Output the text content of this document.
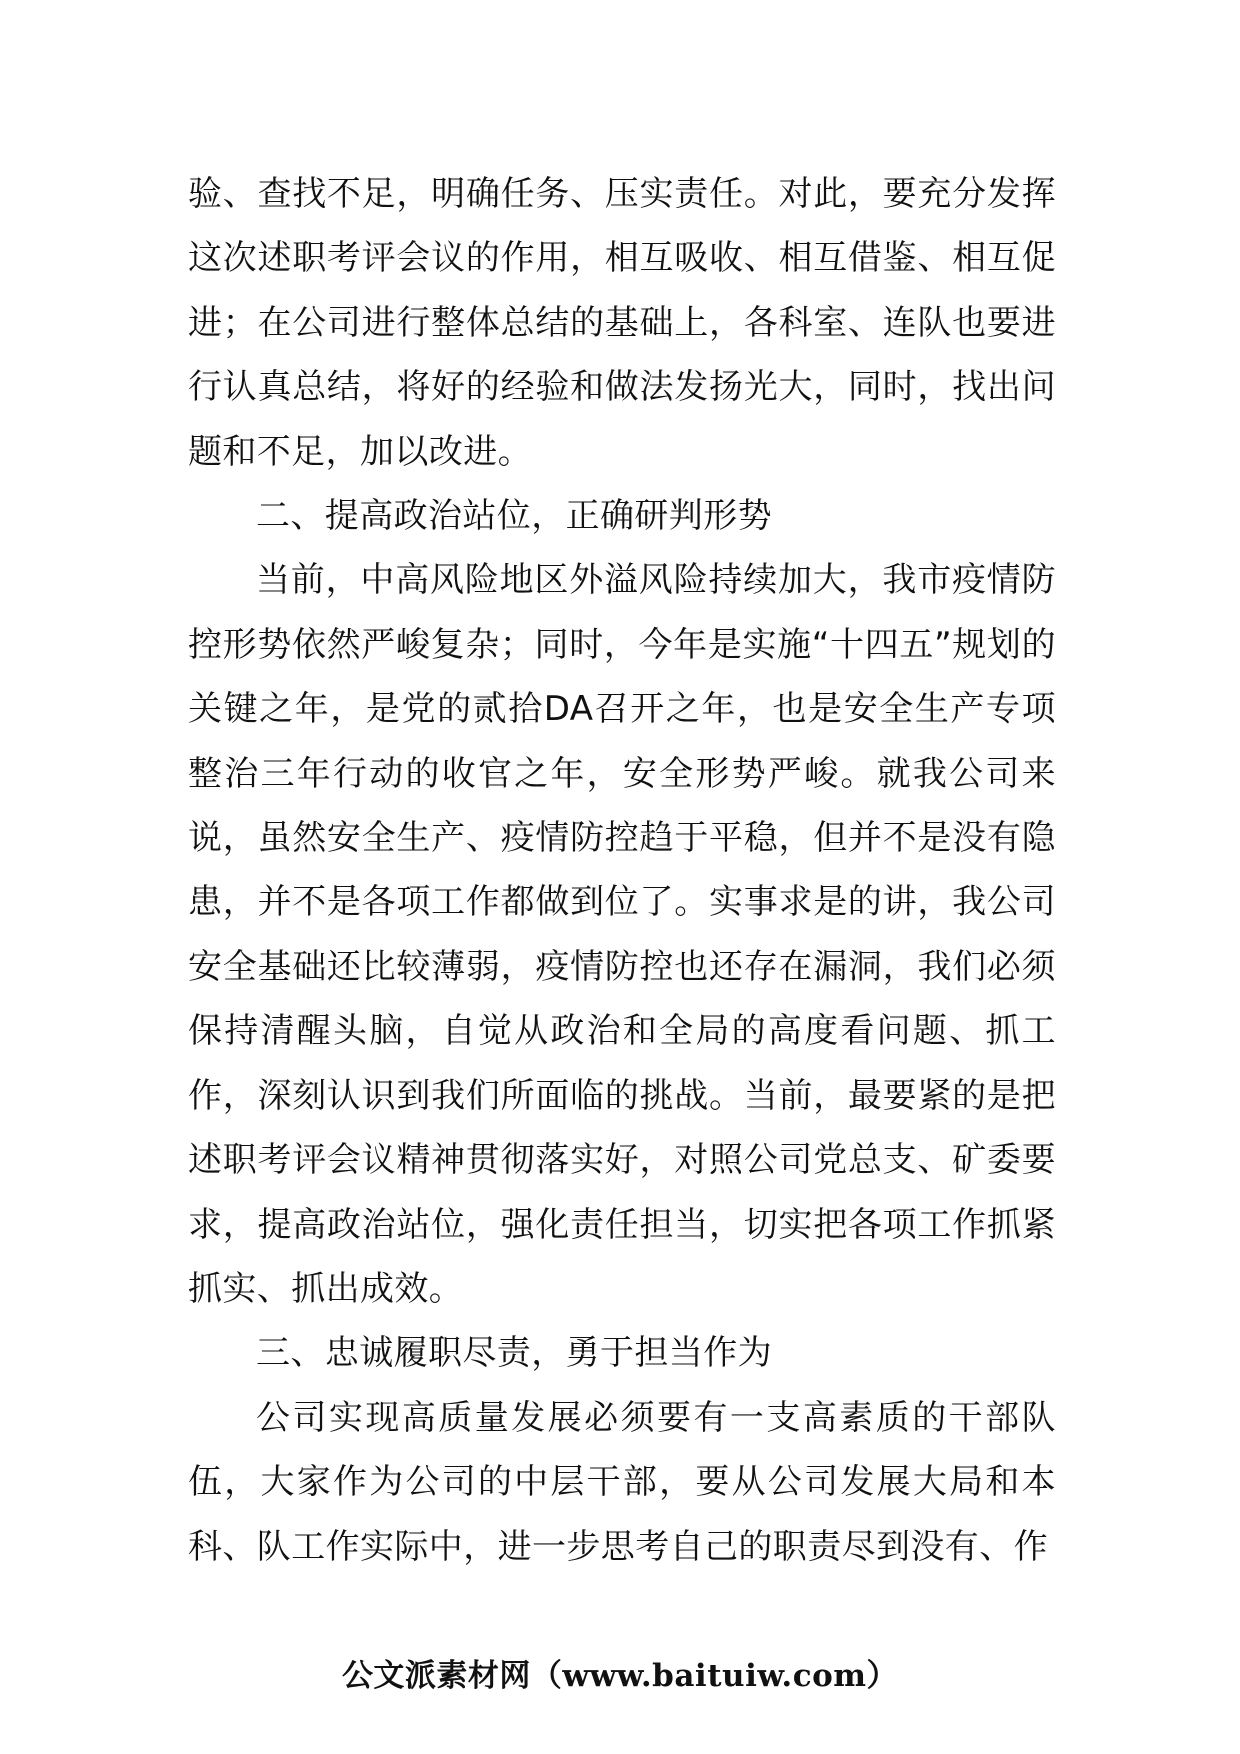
验、查找不足，明确任务、压实责任。对此，要充分发挥这次述职考评会议的作用，相互吸收、相互借鉴、相互促进；在公司进行整体总结的基础上，各科室、连队也要进行认真总结，将好的经验和做法发扬光大，同时，找出问题和不足，加以改进。

二、提高政治站位，正确研判形势

当前，中高风险地区外溢风险持续加大，我市疫情防控形势依然严峻复杂；同时，今年是实施“十四五”规划的关键之年，是党的贰拾DA召开之年，也是安全生产专项整治三年行动的收官之年，安全形势严峻。就我公司来说，虽然安全生产、疫情防控趋于平稳，但并不是没有隐患，并不是各项工作都做到位了。实事求是的讲，我公司安全基础还比较薄弱，疫情防控也还存在漏洞，我们必须保持清醒头脑，自觉从政治和全局的高度看问题、抓工作，深刻认识到我们所面临的挑战。当前，最要紧的是把述职考评会议精神贯彻落实好，对照公司党总支、矿委要求，提高政治站位，强化责任担当，切实把各项工作抓紧抓实、抓出成效。

三、忠诚履职尽责，勇于担当作为

公司实现高质量发展必须要有一支高素质的干部队伍，大家作为公司的中层干部，要从公司发展大局和本科、队工作实际中，进一步思考自己的职责尽到没有、作

公文派素材网（www.baituiw.com）
